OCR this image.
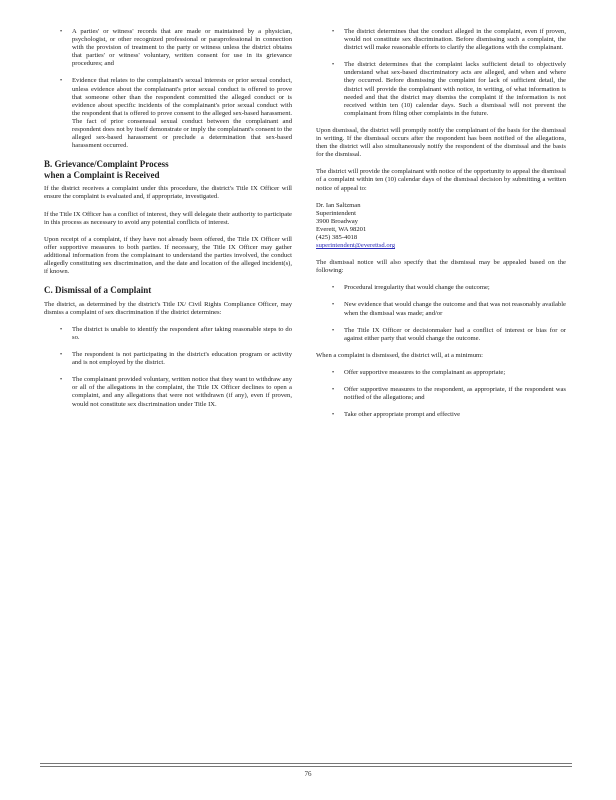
• A parties' or witness' records that are made or maintained by a physician, psychologist, or other recognized professional or paraprofessional in connection with the provision of treatment to the party or witness unless the district obtains that parties' or witness' voluntary, written consent for use in its grievance procedures; and
• Evidence that relates to the complainant's sexual interests or prior sexual conduct, unless evidence about the complainant's prior sexual conduct is offered to prove that someone other than the respondent committed the alleged conduct or is evidence about specific incidents of the complainant's prior sexual conduct with the respondent that is offered to prove consent to the alleged sex-based harassment. The fact of prior consensual sexual conduct between the complainant and respondent does not by itself demonstrate or imply the complainant's consent to the alleged sex-based harassment or preclude a determination that sex-based harassment occurred.
B. Grievance/Complaint Process
when a Complaint is Received

If the district receives a complaint under this procedure, the district's Title IX Officer will ensure the complaint is evaluated and, if appropriate, investigated.

If the Title IX Officer has a conflict of interest, they will delegate their authority to participate in this process as necessary to avoid any potential conflicts of interest.

Upon receipt of a complaint, if they have not already been offered, the Title IX Officer will offer supportive measures to both parties. If necessary, the Title IX Officer may gather additional information from the complainant to understand the parties involved, the conduct allegedly constituting sex discrimination, and the date and location of the alleged incident(s), if known.

C. Dismissal of a Complaint

The district, as determined by the district's Title IX/ Civil Rights Compliance Officer, may dismiss a complaint of sex discrimination if the district determines:

• The district is unable to identify the respondent after taking reasonable steps to do so.
• The respondent is not participating in the district's education program or activity and is not employed by the district.
• The complainant provided voluntary, written notice that they want to withdraw any or all of the allegations in the complaint, the Title IX Officer declines to open a complaint, and any allegations that were not withdrawn (if any), even if proven, would not constitute sex discrimination under Title IX.
• The district determines that the conduct alleged in the complaint, even if proven, would not constitute sex discrimination. Before dismissing such a complaint, the district will make reasonable efforts to clarify the allegations with the complainant.
• The district determines that the complaint lacks sufficient detail to objectively understand what sex-based discriminatory acts are alleged, and when and where they occurred. Before dismissing the complaint for lack of sufficient detail, the district will provide the complainant with notice, in writing, of what information is needed and that the district may dismiss the complaint if the information is not received within ten (10) calendar days. Such a dismissal will not prevent the complainant from filing other complaints in the future.

Upon dismissal, the district will promptly notify the complainant of the basis for the dismissal in writing. If the dismissal occurs after the respondent has been notified of the allegations, then the district will also simultaneously notify the respondent of the dismissal and the basis for the dismissal.

The district will provide the complainant with notice of the opportunity to appeal the dismissal of a complaint within ten (10) calendar days of the dismissal decision by submitting a written notice of appeal to:

Dr. Ian Saltzman
Superintendent
3900 Broadway
Everett, WA 98201
(425) 385-4018
superintendent@everettsd.org

The dismissal notice will also specify that the dismissal may be appealed based on the following:

• Procedural irregularity that would change the outcome;
• New evidence that would change the outcome and that was not reasonably available when the dismissal was made; and/or
• The Title IX Officer or decisionmaker had a conflict of interest or bias for or against either party that would change the outcome.

When a complaint is dismissed, the district will, at a minimum:

• Offer supportive measures to the complainant as appropriate;
• Offer supportive measures to the respondent, as appropriate, if the respondent was notified of the allegations; and
• Take other appropriate prompt and effective
76
